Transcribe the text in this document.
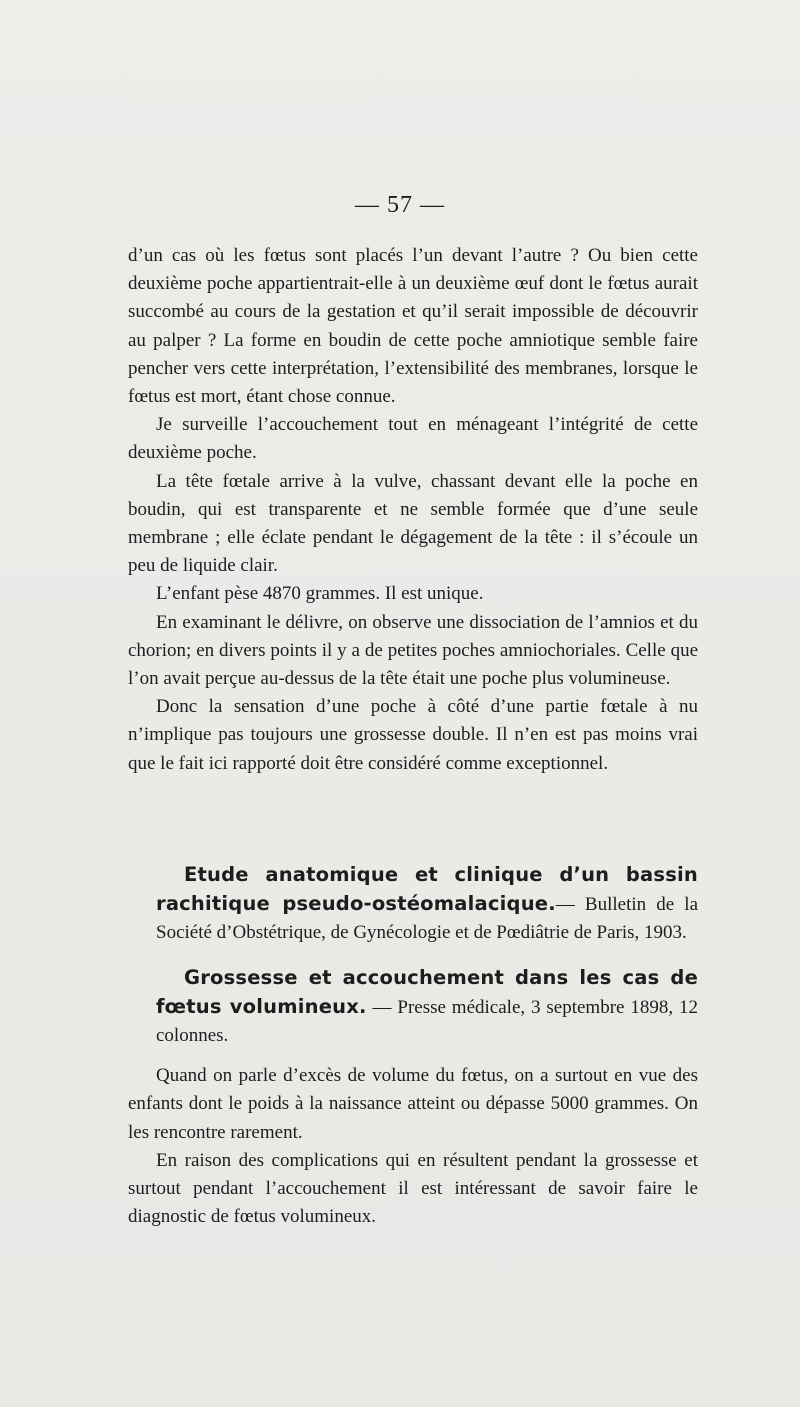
— 57 —

d’un cas où les fœtus sont placés l’un devant l’autre ? Ou bien cette deuxième poche appartientrait-elle à un deuxième œuf dont le fœtus aurait succombé au cours de la gestation et qu’il serait impossible de découvrir au palper ? La forme en boudin de cette poche amniotique semble faire pencher vers cette interprétation, l’extensibilité des membranes, lorsque le fœtus est mort, étant chose connue.

Je surveille l’accouchement tout en ménageant l’intégrité de cette deuxième poche.

La tête fœtale arrive à la vulve, chassant devant elle la poche en boudin, qui est transparente et ne semble formée que d’une seule membrane ; elle éclate pendant le dégagement de la tête : il s’écoule un peu de liquide clair.

L’enfant pèse 4870 grammes. Il est unique.

En examinant le délivre, on observe une dissociation de l’amnios et du chorion; en divers points il y a de petites poches amniochoriales. Celle que l’on avait perçue au-dessus de la tête était une poche plus volumineuse.

Donc la sensation d’une poche à côté d’une partie fœtale à nu n’implique pas toujours une grossesse double. Il n’en est pas moins vrai que le fait ici rapporté doit être considéré comme exceptionnel.

Etude anatomique et clinique d’un bassin rachitique pseudo-ostéomalacique.— Bulletin de la Société d’Obstétrique, de Gynécologie et de Pœdiâtrie de Paris, 1903.

Grossesse et accouchement dans les cas de fœtus volumineux. — Presse médicale, 3 septembre 1898, 12 colonnes.

Quand on parle d’excès de volume du fœtus, on a surtout en vue des enfants dont le poids à la naissance atteint ou dépasse 5000 grammes. On les rencontre rarement.

En raison des complications qui en résultent pendant la grossesse et surtout pendant l’accouchement il est intéressant de savoir faire le diagnostic de fœtus volumineux.
